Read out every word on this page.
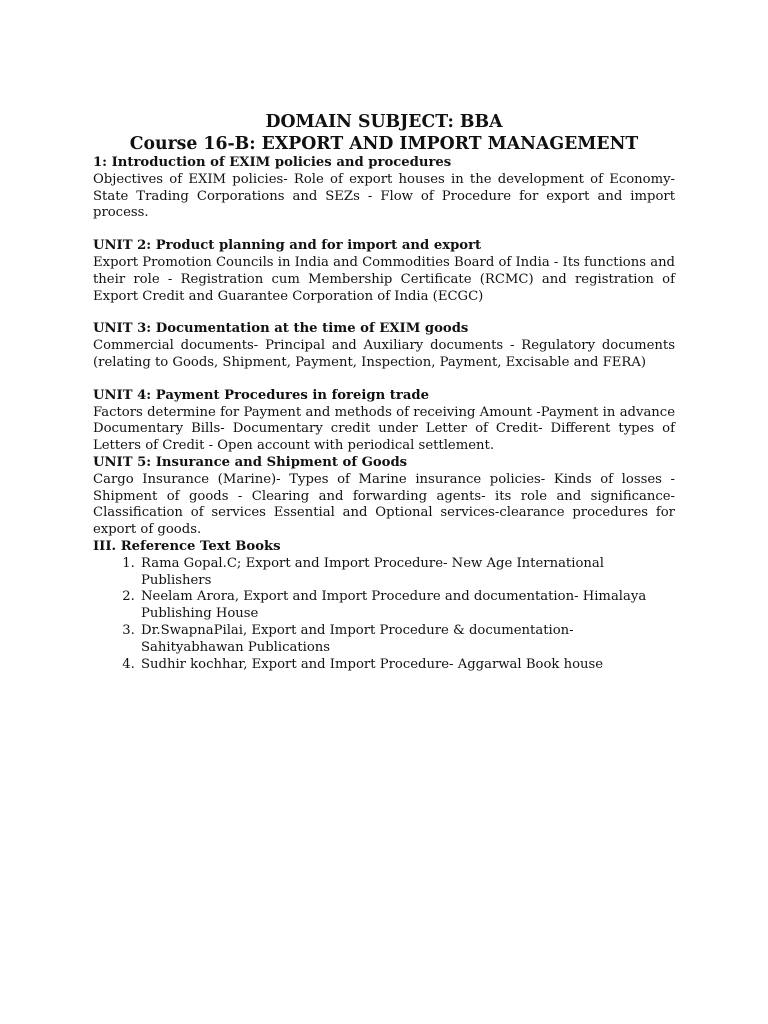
DOMAIN SUBJECT: BBA
Course 16-B: EXPORT AND IMPORT MANAGEMENT

1: Introduction of EXIM policies and procedures

Objectives of EXIM policies- Role of export houses in the development of Economy- State Trading Corporations and SEZs - Flow of Procedure for export and import process.

UNIT 2: Product planning and for import and export

Export Promotion Councils in India and Commodities Board of India - Its functions and their role - Registration cum Membership Certificate (RCMC) and registration of Export Credit and Guarantee Corporation of India (ECGC)

UNIT 3: Documentation at the time of EXIM goods

Commercial documents- Principal and Auxiliary documents - Regulatory documents (relating to Goods, Shipment, Payment, Inspection, Payment, Excisable and FERA)

UNIT 4: Payment Procedures in foreign trade

Factors determine for Payment and methods of receiving Amount -Payment in advance Documentary Bills- Documentary credit under Letter of Credit- Different types of Letters of Credit - Open account with periodical settlement.

UNIT 5: Insurance and Shipment of Goods

Cargo Insurance (Marine)- Types of Marine insurance policies- Kinds of losses - Shipment of goods - Clearing and forwarding agents- its role and significance-Classification of services Essential and Optional services-clearance procedures for export of goods.

III. Reference Text Books

1. Rama Gopal.C; Export and Import Procedure- New Age International Publishers
2. Neelam Arora, Export and Import Procedure and documentation- Himalaya Publishing House
3. Dr.SwapnaPilai, Export and Import Procedure & documentation- Sahityabhawan Publications
4. Sudhir kochhar, Export and Import Procedure- Aggarwal Book house
